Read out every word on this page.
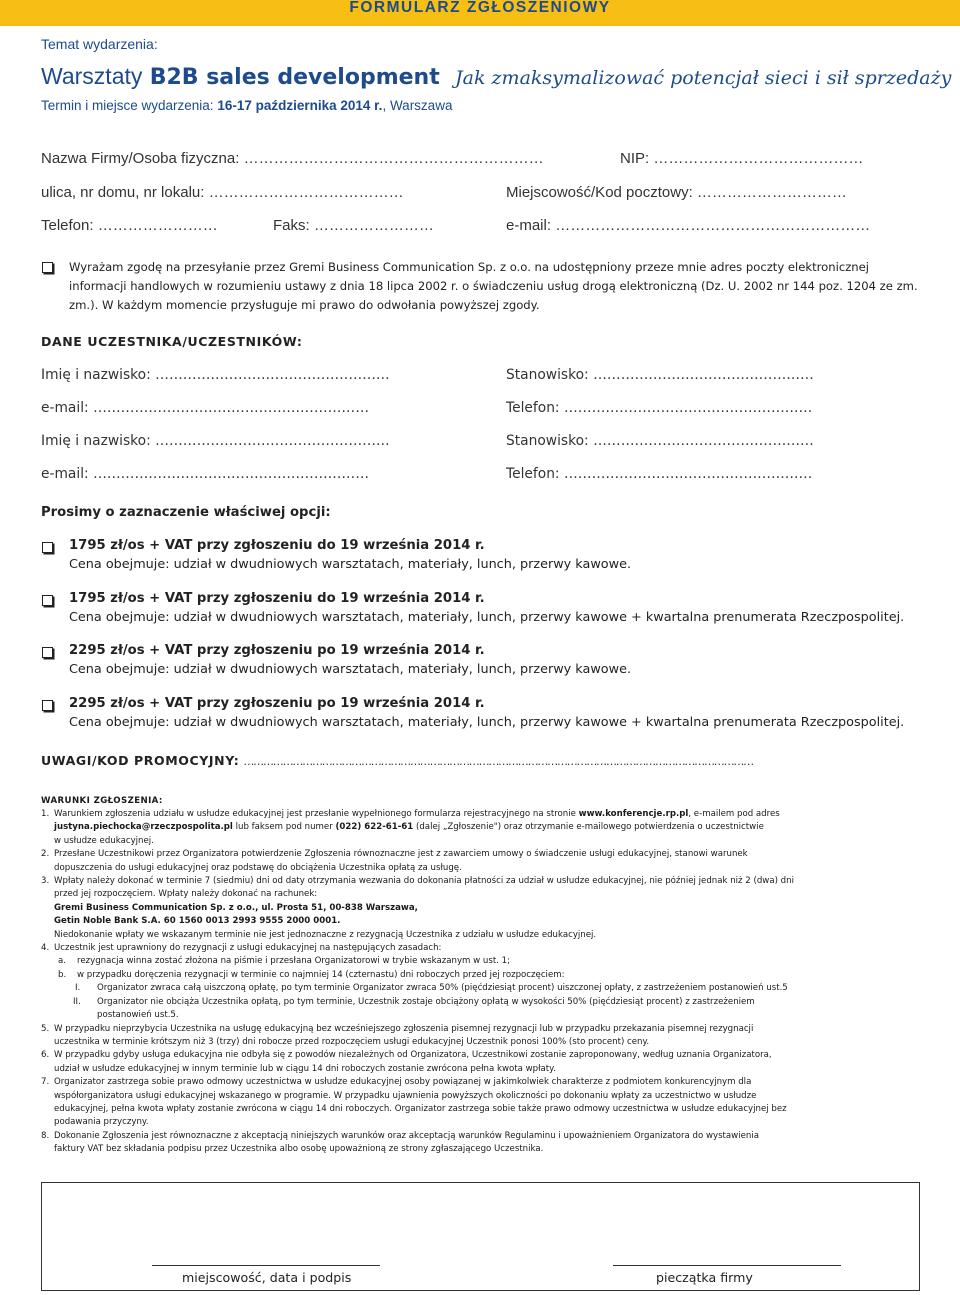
FORMULARZ ZGŁOSZENIOWY
Temat wydarzenia:
Warsztaty B2B sales development Jak zmaksymalizować potencjał sieci i sił sprzedaży
Termin i miejsce wydarzenia: 16-17 października 2014 r., Warszawa
Nazwa Firmy/Osoba fizyczna: ……………………………………………………	NIP: ……………………………………
ulica, nr domu, nr lokalu: …………………………………	Miejscowość/Kod pocztowy: …………………………
Telefon: ……………………	Faks: ……………………	e-mail: ………………………………………………………
Wyrażam zgodę na przesyłanie przez Gremi Business Communication Sp. z o.o. na udostępniony przeze mnie adres poczty elektronicznej informacji handlowych w rozumieniu ustawy z dnia 18 lipca 2002 r. o świadczeniu usług drogą elektroniczną (Dz. U. 2002 nr 144 poz. 1204 ze zm. zm.). W każdym momencie przysługuje mi prawo do odwołania powyższej zgody.
DANE UCZESTNIKA/UCZESTNIKÓW:
Imię i nazwisko: ……………………………………………	Stanowisko: …………………………………………
e-mail: ……………………………………………………	Telefon: ………………………………………………
Imię i nazwisko: ……………………………………………	Stanowisko: …………………………………………
e-mail: ……………………………………………………	Telefon: ………………………………………………
Prosimy o zaznaczenie właściwej opcji:
1795 zł/os + VAT przy zgłoszeniu do 19 września 2014 r.
Cena obejmuje: udział w dwudniowych warsztatach, materiały, lunch, przerwy kawowe.
1795 zł/os + VAT przy zgłoszeniu do 19 września 2014 r.
Cena obejmuje: udział w dwudniowych warsztatach, materiały, lunch, przerwy kawowe + kwartalna prenumerata Rzeczpospolitej.
2295 zł/os + VAT przy zgłoszeniu po 19 września 2014 r.
Cena obejmuje: udział w dwudniowych warsztatach, materiały, lunch, przerwy kawowe.
2295 zł/os + VAT przy zgłoszeniu po 19 września 2014 r.
Cena obejmuje: udział w dwudniowych warsztatach, materiały, lunch, przerwy kawowe + kwartalna prenumerata Rzeczpospolitej.
UWAGI/KOD PROMOCYJNY: …………………………………………………………………………………………………………………………………………
WARUNKI ZGŁOSZENIA:
1. Warunkiem zgłoszenia udziału w usłudze edukacyjnej jest przesłanie wypełnionego formularza rejestracyjnego na stronie www.konferencje.rp.pl, e-mailem pod adres
justyna.piechocka@rzeczpospolita.pl lub faksem pod numer (022) 622-61-61 (dalej „Zgłoszenie") oraz otrzymanie e-mailowego potwierdzenia o uczestnictwie
w usłudze edukacyjnej.
2. Przesłane Uczestnikowi przez Organizatora potwierdzenie Zgłoszenia równoznaczne jest z zawarciem umowy o świadczenie usługi edukacyjnej, stanowi warunek
dopuszczenia do usługi edukacyjnej oraz podstawę do obciążenia Uczestnika opłatą za usługę.
3. Wpłaty należy dokonać w terminie 7 (siedmiu) dni od daty otrzymania wezwania do dokonania płatności za udział w usłudze edukacyjnej, nie później jednak niż 2 (dwa) dni
przed jej rozpoczęciem. Wpłaty należy dokonać na rachunek:
Gremi Business Communication Sp. z o.o., ul. Prosta 51, 00-838 Warszawa,
Getin Noble Bank S.A. 60 1560 0013 2993 9555 2000 0001.
Niedokonanie wpłaty we wskazanym terminie nie jest jednoznaczne z rezygnacją Uczestnika z udziału w usłudze edukacyjnej.
4. Uczestnik jest uprawniony do rezygnacji z usługi edukacyjnej na następujących zasadach:
a. rezygnacja winna zostać złożona na piśmie i przesłana Organizatorowi w trybie wskazanym w ust. 1;
b. w przypadku doręczenia rezygnacji w terminie co najmniej 14 (czternastu) dni roboczych przed jej rozpoczęciem:
I. Organizator zwraca całą uiszczoną opłatę, po tym terminie Organizator zwraca 50% (pięćdziesiąt procent) uiszczonej opłaty, z zastrzeżeniem postanowień ust.5
II. Organizator nie obciąża Uczestnika opłatą, po tym terminie, Uczestnik zostaje obciążony opłatą w wysokości 50% (pięćdziesiąt procent) z zastrzeżeniem
postanowień ust.5.
5. W przypadku nieprzybycia Uczestnika na usługę edukacyjną bez wcześniejszego zgłoszenia pisemnej rezygnacji lub w przypadku przekazania pisemnej rezygnacji
uczestnika w terminie krótszym niż 3 (trzy) dni robocze przed rozpoczęciem usługi edukacyjnej Uczestnik ponosi 100% (sto procent) ceny.
6. W przypadku gdyby usługa edukacyjna nie odbyła się z powodów niezależnych od Organizatora, Uczestnikowi zostanie zaproponowany, według uznania Organizatora,
udział w usłudze edukacyjnej w innym terminie lub w ciągu 14 dni roboczych zostanie zwrócona pełna kwota wpłaty.
7. Organizator zastrzega sobie prawo odmowy uczestnictwa w usłudze edukacyjnej osoby powiązanej w jakimkolwiek charakterze z podmiotem konkurencyjnym dla
współorganizatora usługi edukacyjnej wskazanego w programie. W przypadku ujawnienia powyższych okoliczności po dokonaniu wpłaty za uczestnictwo w usłudze
edukacyjnej, pełna kwota wpłaty zostanie zwrócona w ciągu 14 dni roboczych. Organizator zastrzega sobie także prawo odmowy uczestnictwa w usłudze edukacyjnej bez
podawania przyczyny.
8. Dokonanie Zgłoszenia jest równoznaczne z akceptacją niniejszych warunków oraz akceptacją warunków Regulaminu i upoważnieniem Organizatora do wystawienia
faktury VAT bez składania podpisu przez Uczestnika albo osobę upoważnioną ze strony zgłaszającego Uczestnika.
miejscowość, data i podpis	pieczątka firmy
